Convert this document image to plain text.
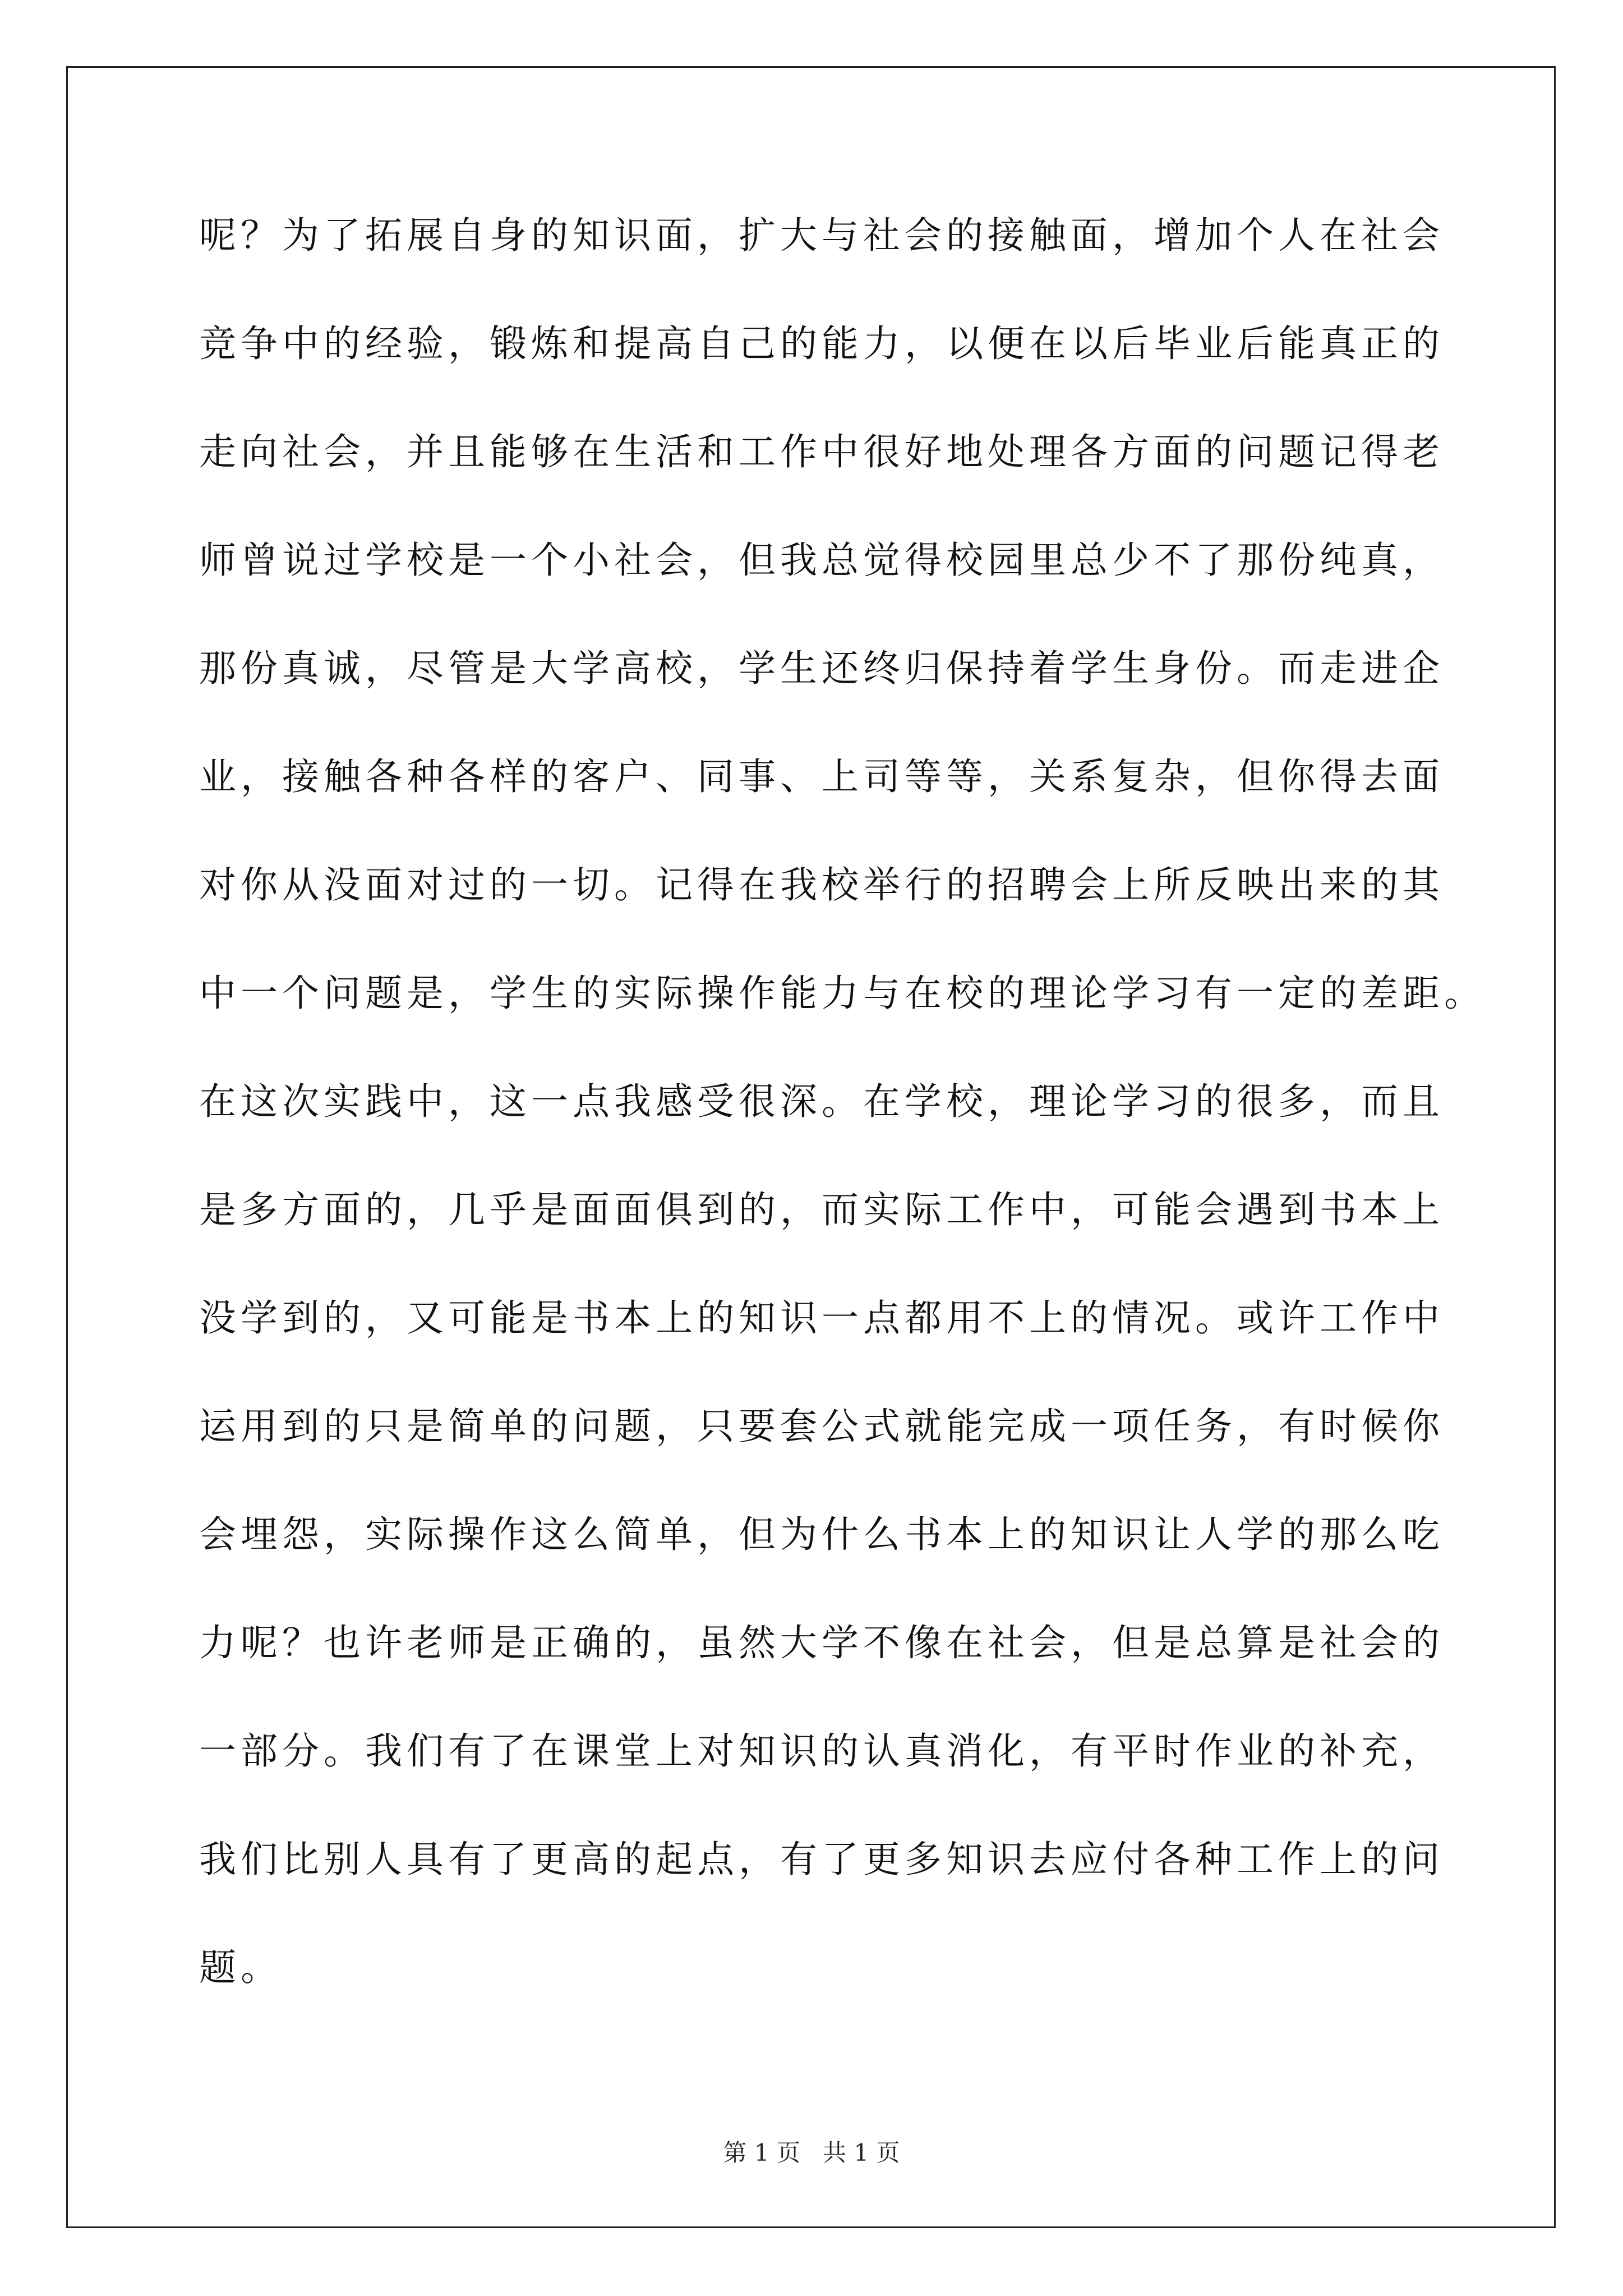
呢？为了拓展自身的知识面，扩大与社会的接触面，增加个人在社会
竞争中的经验，锻炼和提高自己的能力，以便在以后毕业后能真正的
走向社会，并且能够在生活和工作中很好地处理各方面的问题记得老
师曾说过学校是一个小社会，但我总觉得校园里总少不了那份纯真，
那份真诚，尽管是大学高校，学生还终归保持着学生身份。而走进企
业，接触各种各样的客户、同事、上司等等，关系复杂，但你得去面
对你从没面对过的一切。记得在我校举行的招聘会上所反映出来的其
中一个问题是，学生的实际操作能力与在校的理论学习有一定的差距。
在这次实践中，这一点我感受很深。在学校，理论学习的很多，而且
是多方面的，几乎是面面俱到的，而实际工作中，可能会遇到书本上
没学到的，又可能是书本上的知识一点都用不上的情况。或许工作中
运用到的只是简单的问题，只要套公式就能完成一项任务，有时候你
会埋怨，实际操作这么简单，但为什么书本上的知识让人学的那么吃
力呢？也许老师是正确的，虽然大学不像在社会，但是总算是社会的
一部分。我们有了在课堂上对知识的认真消化，有平时作业的补充，
我们比别人具有了更高的起点，有了更多知识去应付各种工作上的问
题。
第 1 页   共 1 页
